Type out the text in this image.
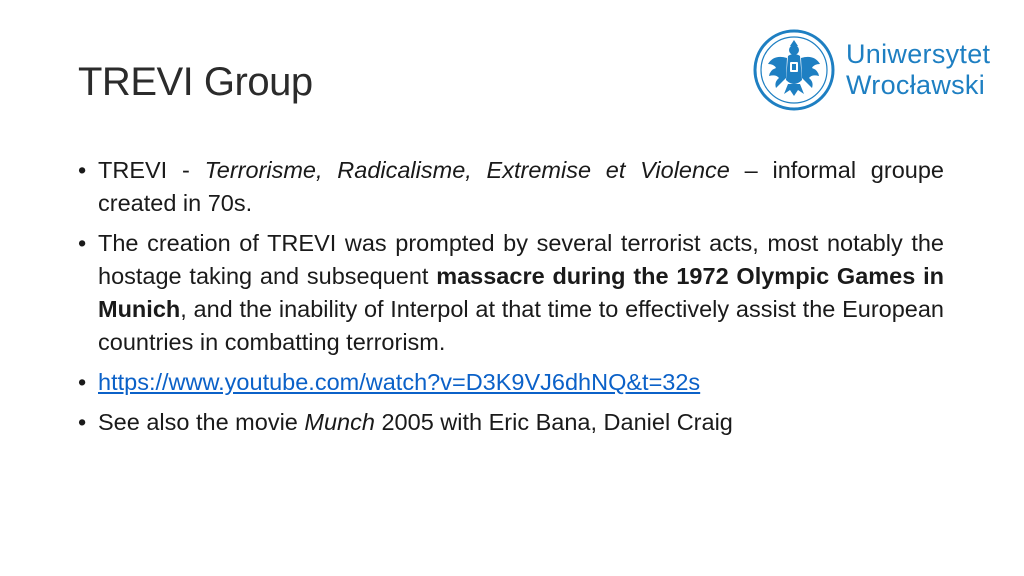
TREVI Group
Uniwersytet
Wrocławski
• TREVI - Terrorisme, Radicalisme, Extremise et Violence – informal groupe created in 70s.
• The creation of TREVI was prompted by several terrorist acts, most notably the hostage taking and subsequent massacre during the 1972 Olympic Games in Munich, and the inability of Interpol at that time to effectively assist the European countries in combatting terrorism.
• https://www.youtube.com/watch?v=D3K9VJ6dhNQ&t=32s
• See also the movie Munch 2005 with Eric Bana, Daniel Craig
